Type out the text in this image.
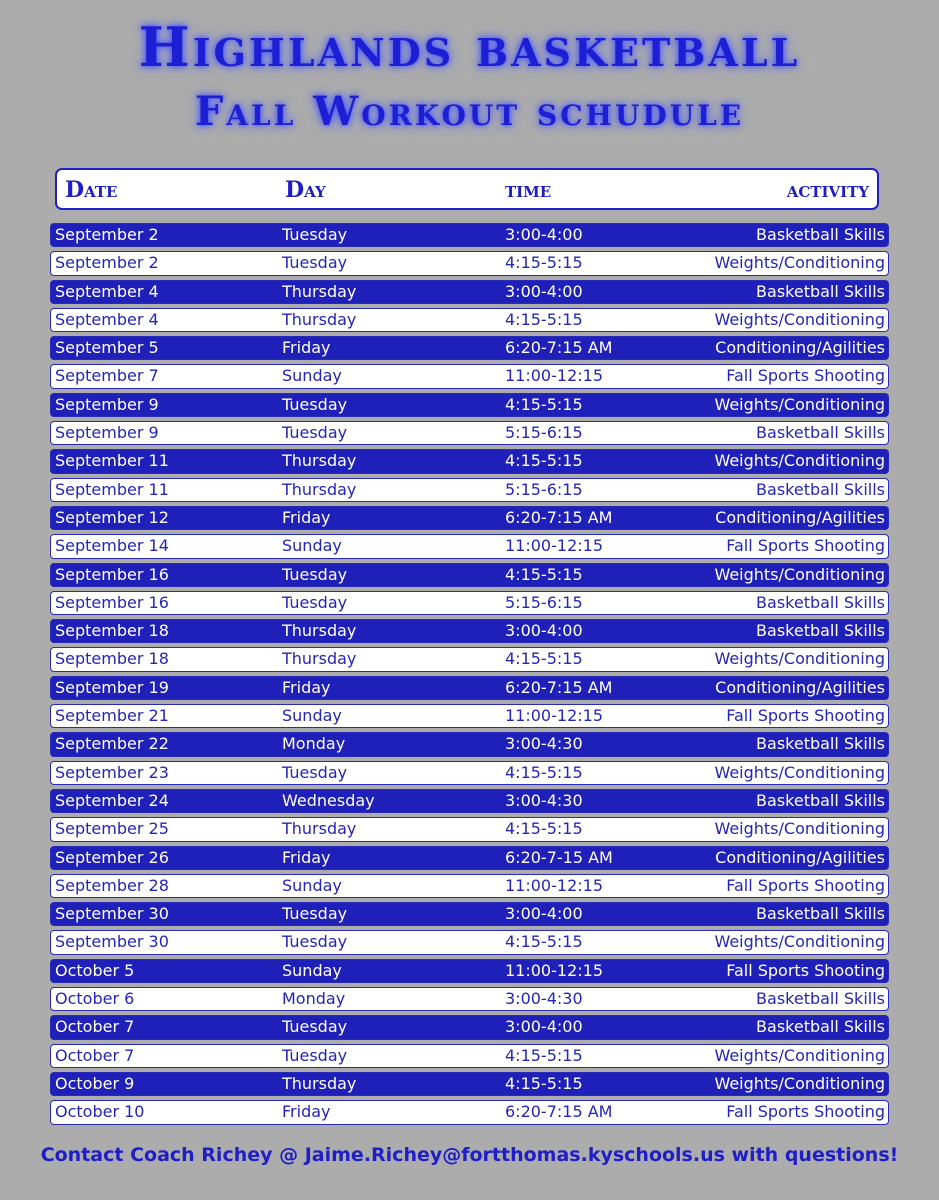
Highlands basketball
Fall Workout schudule
Date	Day	time	activity
September 2	Tuesday	3:00-4:00	Basketball Skills
September 2	Tuesday	4:15-5:15	Weights/Conditioning
September 4	Thursday	3:00-4:00	Basketball Skills
September 4	Thursday	4:15-5:15	Weights/Conditioning
September 5	Friday	6:20-7:15 AM	Conditioning/Agilities
September 7	Sunday	11:00-12:15	Fall Sports Shooting
September 9	Tuesday	4:15-5:15	Weights/Conditioning
September 9	Tuesday	5:15-6:15	Basketball Skills
September 11	Thursday	4:15-5:15	Weights/Conditioning
September 11	Thursday	5:15-6:15	Basketball Skills
September 12	Friday	6:20-7:15 AM	Conditioning/Agilities
September 14	Sunday	11:00-12:15	Fall Sports Shooting
September 16	Tuesday	4:15-5:15	Weights/Conditioning
September 16	Tuesday	5:15-6:15	Basketball Skills
September 18	Thursday	3:00-4:00	Basketball Skills
September 18	Thursday	4:15-5:15	Weights/Conditioning
September 19	Friday	6:20-7:15 AM	Conditioning/Agilities
September 21	Sunday	11:00-12:15	Fall Sports Shooting
September 22	Monday	3:00-4:30	Basketball Skills
September 23	Tuesday	4:15-5:15	Weights/Conditioning
September 24	Wednesday	3:00-4:30	Basketball Skills
September 25	Thursday	4:15-5:15	Weights/Conditioning
September 26	Friday	6:20-7-15 AM	Conditioning/Agilities
September 28	Sunday	11:00-12:15	Fall Sports Shooting
September 30	Tuesday	3:00-4:00	Basketball Skills
September 30	Tuesday	4:15-5:15	Weights/Conditioning
October 5	Sunday	11:00-12:15	Fall Sports Shooting
October 6	Monday	3:00-4:30	Basketball Skills
October 7	Tuesday	3:00-4:00	Basketball Skills
October 7	Tuesday	4:15-5:15	Weights/Conditioning
October 9	Thursday	4:15-5:15	Weights/Conditioning
October 10	Friday	6:20-7:15 AM	Fall Sports Shooting
Contact Coach Richey @ Jaime.Richey@fortthomas.kyschools.us with questions!
